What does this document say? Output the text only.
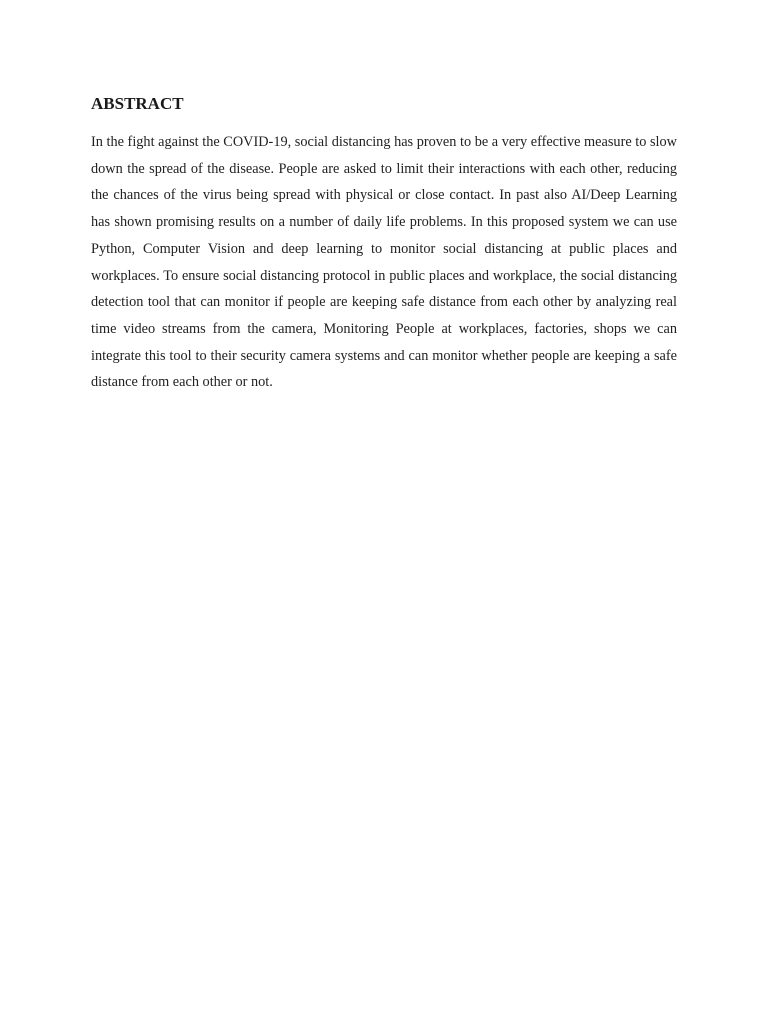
ABSTRACT

In the fight against the COVID-19, social distancing has proven to be a very effective measure to slow down the spread of the disease. People are asked to limit their interactions with each other, reducing the chances of the virus being spread with physical or close contact. In past also AI/Deep Learning has shown promising results on a number of daily life problems. In this proposed system we can use Python, Computer Vision and deep learning to monitor social distancing at public places and workplaces. To ensure social distancing protocol in public places and workplace, the social distancing detection tool that can monitor if people are keeping safe distance from each other by analyzing real time video streams from the camera, Monitoring People at workplaces, factories, shops we can integrate this tool to their security camera systems and can monitor whether people are keeping a safe distance from each other or not.
